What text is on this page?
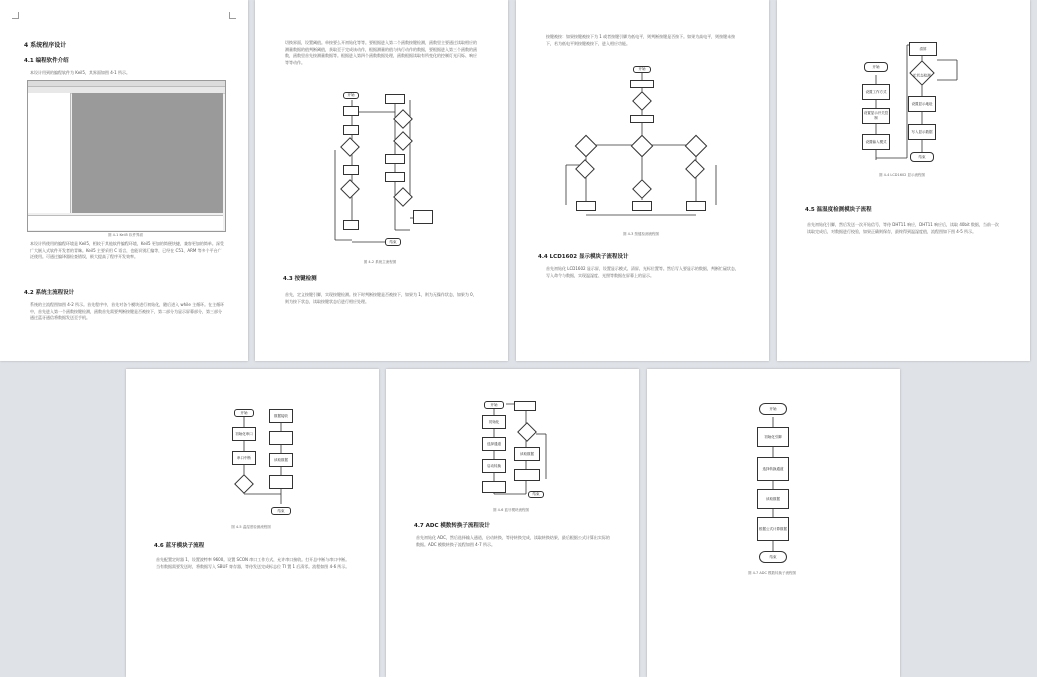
4 系统程序设计
4.1 编程软件介绍
本设计用到的编程软件为 Keil5，其界面如图 4-1 所示。
图 4-1 Keil5 软件界面
本设计所使用的编程环境是 Keil5，相较于其他软件编程环境，Keil5 更加的简便快捷，兼容更加的简单。深受广大嵌入式软件开发者的青睐。Keil5 主要采用 C 语言，也能识别汇编等，已经在 C51、ARM 等多个平台广泛使用。可通过编译器检查错误，极大提高了程序开发效率。
4.2 系统主流程设计
系统的主流程图如图 4-2 所示。首先程序中，首先对各个模块进行初始化，随后进入 while 主循环。在主循环中，首先进入第一个函数按键检测，函数首先需要判断按键是否被按下，第二部分为显示屏幕部分，第三部分通过蓝牙通信将数据发送至手机。
切换界面，设置阈值。单按要么开初始化等等。要根据进入第二个函数按键检测，函数里主要通过读取相应的测量数据的值判断阈值，获取至于完成该动作，根据测量的值与执行动作的数据，要根据进入第三个函数的函数，函数里首先按测量数据等。根据进入第四个函数数据处理，函数根据读取有所变化的控制灯光闪烁、响应等等动作。
开始
结束
图 4-2 系统主流程图
4.3 按键检测
首先，定义按键引脚，实现按键检测。按下时判断按键是否被按下，如果为 1，则为无操作状态，如果为 0，则为按下状态，读取按键状态后进行相应处理。
按键被按：如果按键被按下为 1 或者按键引脚为低电平，则判断按键是否按下。如果为高电平，则按键未按下，若为低电平则按键被按下，进入相应功能。
开始
图 4-3 按键检测流程图
4.4 LCD1602 显示模块子流程设计
首先初始化 LCD1602 显示屏，设置显示模式、清屏、光标位置等。然后写入要显示的数据，判断忙碌状态，写入命令与数据，实现温湿度、光照等数据在屏幕上的显示。
开始
设置工作方式
设置显示开关控制
设置输入模式
清屏
忙状态检测
设置显示地址
写入显示数据
结束
图 4-4 LCD1602 显示流程图
4.5 温湿度检测模块子流程
首先初始化引脚，然后发送一次开始信号，等待 DHT11 响应，DHT11 响应后，读取 40bit 数据，当前一次读取完成后，对数据进行校验，如果正确则保存，最终得到温湿度值，流程图如下图 4-5 所示。
开始
初始化串口
串口中断
数据接收
读取数据
结束
图 4-5 温湿度检测流程图
4.6 蓝牙模块子流程
首先配置定时器 1，设置波特率 9600。设置 SCON 串口工作方式，允许串口接收。打开总中断与串口中断。当有数据需要发送时，将数据写入 SBUF 寄存器，等待发送完成标志位 TI 置 1 后清零。流程如图 4-6 所示。
开始
初始化
选择通道
启动转换
读取数据
结束
图 4-6 蓝牙模块流程图
4.7 ADC 模数转换子流程设计
首先初始化 ADC，然后选择输入通道，启动转换，等待转换完成，读取转换结果，最后根据公式计算出实际的数据。ADC 模数转换子流程如图 4-7 所示。
开始
初始化引脚
选择转换通道
读取数据
根据公式计算数据
结束
图 4-7 ADC 模数转换子流程图
